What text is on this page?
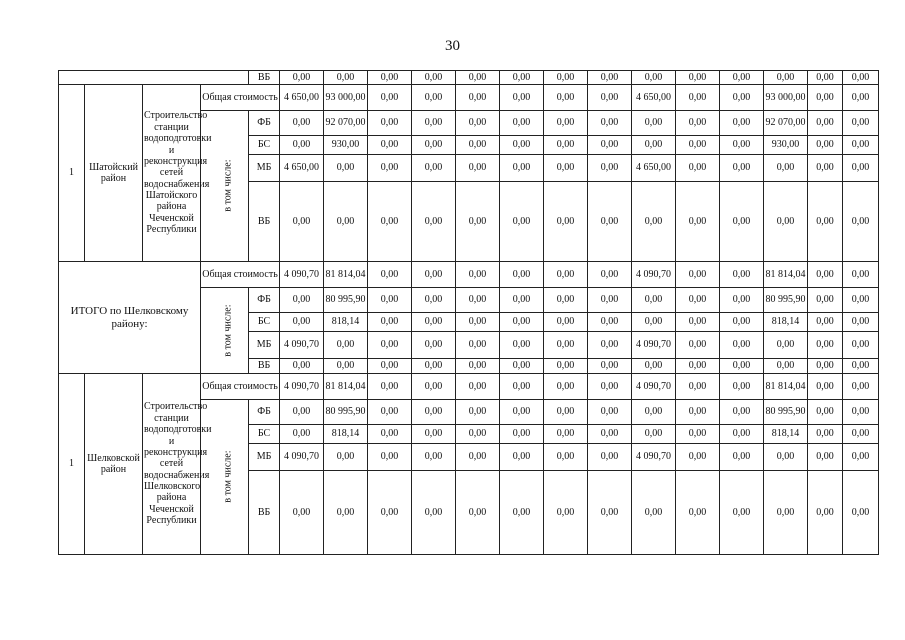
30
				ВБ	0,00	0,00	0,00	0,00	0,00	0,00	0,00	0,00	0,00	0,00	0,00	0,00	0,00	0,00
1	Шатойский район	Строительство станции водоподготовки и реконструкция сетей водоснабжения Шатойского района Чеченской Республики	Общая стоимость		4 650,00	93 000,00	0,00	0,00	0,00	0,00	0,00	0,00	4 650,00	0,00	0,00	93 000,00	0,00	0,00
			в том числе:	ФБ	0,00	92 070,00	0,00	0,00	0,00	0,00	0,00	0,00	0,00	0,00	0,00	92 070,00	0,00	0,00
				БС	0,00	930,00	0,00	0,00	0,00	0,00	0,00	0,00	0,00	0,00	0,00	930,00	0,00	0,00
				МБ	4 650,00	0,00	0,00	0,00	0,00	0,00	0,00	0,00	4 650,00	0,00	0,00	0,00	0,00	0,00
				ВБ	0,00	0,00	0,00	0,00	0,00	0,00	0,00	0,00	0,00	0,00	0,00	0,00	0,00	0,00
ИТОГО по Шелковскому району:			Общая стоимость		4 090,70	81 814,04	0,00	0,00	0,00	0,00	0,00	0,00	4 090,70	0,00	0,00	81 814,04	0,00	0,00
			в том числе:	ФБ	0,00	80 995,90	0,00	0,00	0,00	0,00	0,00	0,00	0,00	0,00	0,00	80 995,90	0,00	0,00
				БС	0,00	818,14	0,00	0,00	0,00	0,00	0,00	0,00	0,00	0,00	0,00	818,14	0,00	0,00
				МБ	4 090,70	0,00	0,00	0,00	0,00	0,00	0,00	0,00	4 090,70	0,00	0,00	0,00	0,00	0,00
				ВБ	0,00	0,00	0,00	0,00	0,00	0,00	0,00	0,00	0,00	0,00	0,00	0,00	0,00	0,00
1	Шелковской район	Строительство станции водоподготовки и реконструкция сетей водоснабжения Шелковского района Чеченской Республики	Общая стоимость		4 090,70	81 814,04	0,00	0,00	0,00	0,00	0,00	0,00	4 090,70	0,00	0,00	81 814,04	0,00	0,00
			в том числе:	ФБ	0,00	80 995,90	0,00	0,00	0,00	0,00	0,00	0,00	0,00	0,00	0,00	80 995,90	0,00	0,00
				БС	0,00	818,14	0,00	0,00	0,00	0,00	0,00	0,00	0,00	0,00	0,00	818,14	0,00	0,00
				МБ	4 090,70	0,00	0,00	0,00	0,00	0,00	0,00	0,00	4 090,70	0,00	0,00	0,00	0,00	0,00
				ВБ	0,00	0,00	0,00	0,00	0,00	0,00	0,00	0,00	0,00	0,00	0,00	0,00	0,00	0,00
